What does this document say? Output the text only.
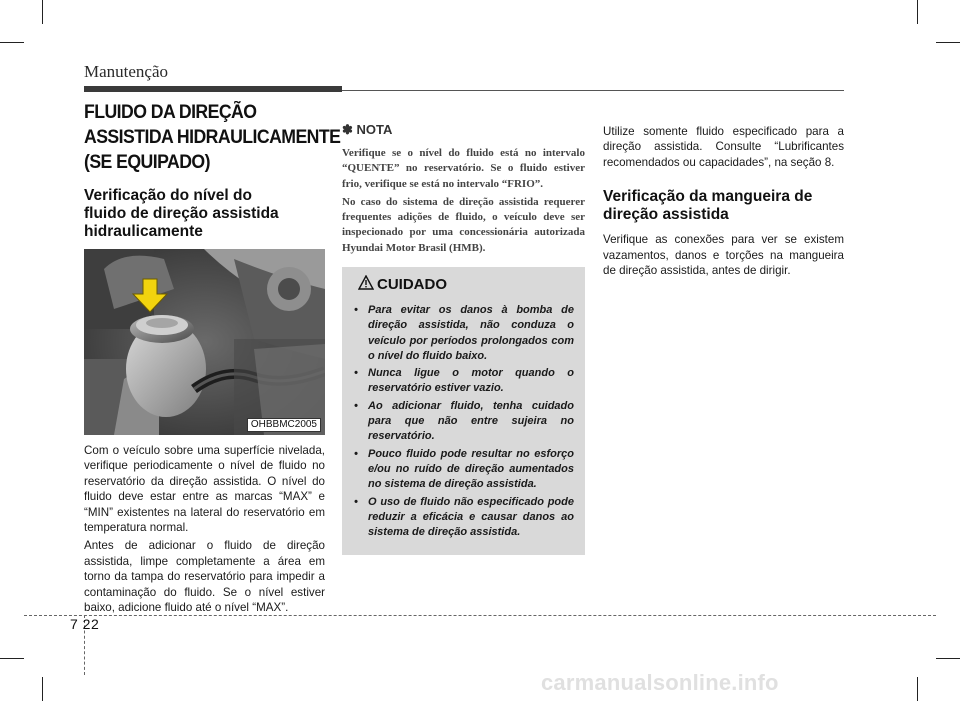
Manutenção
FLUIDO DA DIREÇÃO
ASSISTIDA HIDRAULICAMENTE
(SE EQUIPADO)
Verificação do nível do
fluido de direção assistida
hidraulicamente
OHBBMC2005

Com o veículo sobre uma superfície nivelada, verifique periodicamente o nível de fluido no reservatório da direção assistida. O nível do fluido deve estar entre as marcas “MAX” e “MIN” existentes na lateral do reservatório em temperatura normal.

Antes de adicionar o fluido de direção assistida, limpe completamente a área em torno da tampa do reservatório para impedir a contaminação do fluido. Se o nível estiver baixo, adicione fluido até o nível “MAX”.

✽ NOTA

Verifique se o nível do fluido está no intervalo “QUENTE” no reservatório. Se o fluido estiver frio, verifique se está no intervalo “FRIO”.

No caso do sistema de direção assistida requerer frequentes adições de fluido, o veículo deve ser inspecionado por uma concessionária autorizada Hyundai Motor Brasil (HMB).

CUIDADO
• Para evitar os danos à bomba de direção assistida, não conduza o veículo por períodos prolongados com o nível do fluido baixo.
• Nunca ligue o motor quando o reservatório estiver vazio.
• Ao adicionar fluido, tenha cuidado para que não entre sujeira no reservatório.
• Pouco fluido pode resultar no esforço e/ou no ruído de direção aumentados no sistema de direção assistida.
• O uso de fluido não especificado pode reduzir a eficácia e causar danos ao sistema de direção assistida.

Utilize somente fluido especificado para a direção assistida. Consulte “Lubrificantes recomendados ou capacidades”, na seção 8.

Verificação da mangueira de
direção assistida

Verifique as conexões para ver se existem vazamentos, danos e torções na mangueira de direção assistida, antes de dirigir.

7 22
carmanualsonline.info
